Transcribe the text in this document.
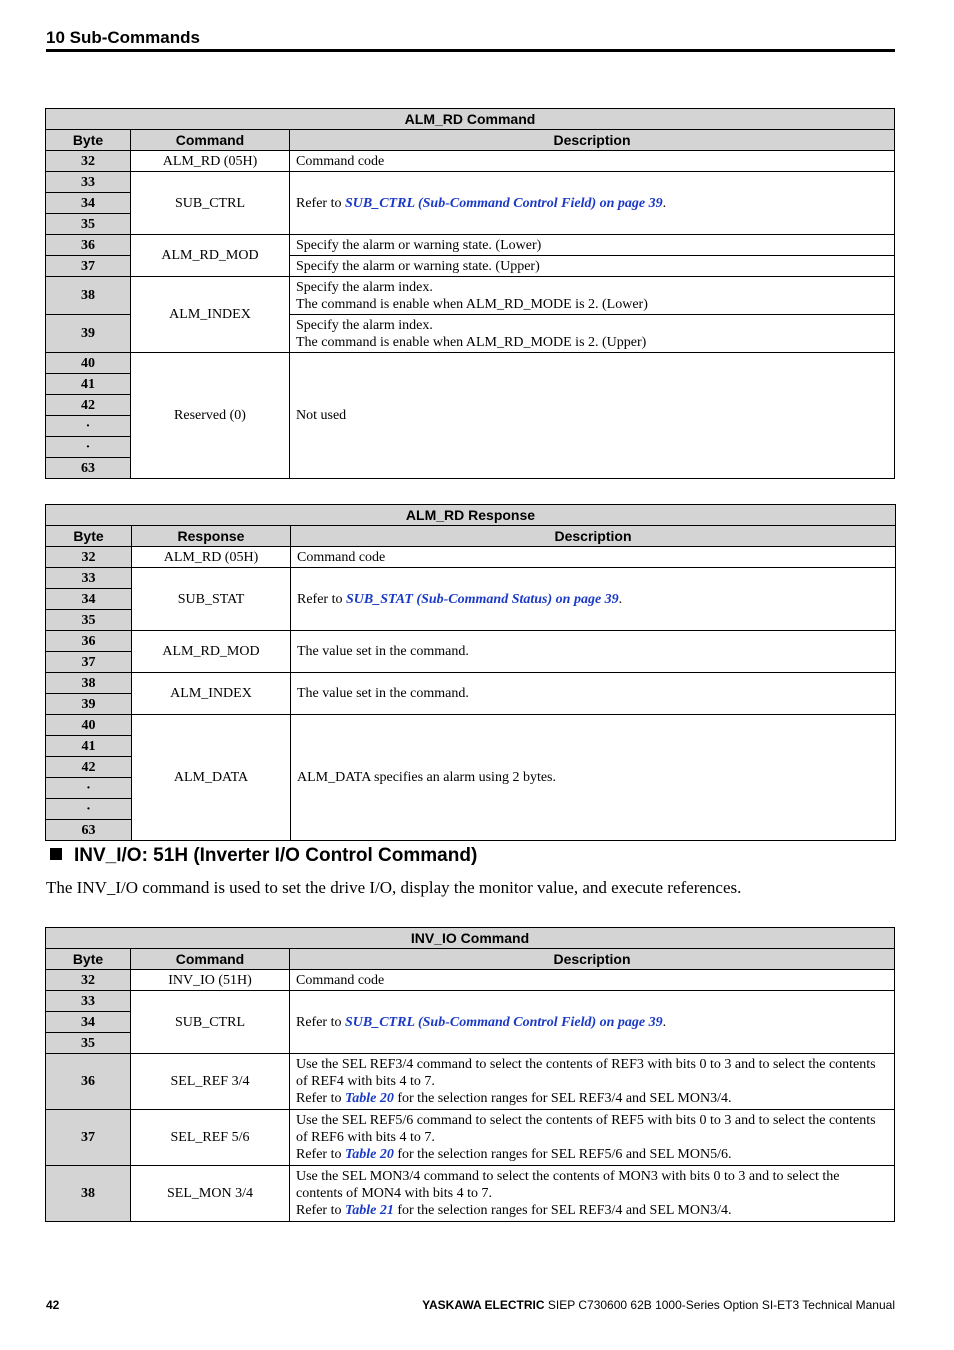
10 Sub-Commands
ALM_RD Command		
Byte	Command	Description
32	ALM_RD (05H)	Command code
33	SUB_CTRL	Refer to SUB_CTRL (Sub-Command Control Field) on page 39.
34		
35		
36	ALM_RD_MOD	Specify the alarm or warning state. (Lower)
37		Specify the alarm or warning state. (Upper)
38	ALM_INDEX	Specify the alarm index.
The command is enable when ALM_RD_MODE is 2. (Lower)

39		Specify the alarm index.
The command is enable when ALM_RD_MODE is 2. (Upper)

40	Reserved (0)	Not used
41		
42		
·		
·		
63		
ALM_RD Response		
Byte	Response	Description
32	ALM_RD (05H)	Command code
33	SUB_STAT	Refer to SUB_STAT (Sub-Command Status) on page 39.
34		
35		
36	ALM_RD_MOD	The value set in the command.
37		
38	ALM_INDEX	The value set in the command.
39		
40	ALM_DATA	ALM_DATA specifies an alarm using 2 bytes.
41		
42		
·		
·		
63		
INV_I/O: 51H (Inverter I/O Control Command)
The INV_I/O command is used to set the drive I/O, display the monitor value, and execute references.
INV_IO Command		
Byte	Command	Description
32	INV_IO (51H)	Command code
33	SUB_CTRL	Refer to SUB_CTRL (Sub-Command Control Field) on page 39.
34		
35		
36	SEL_REF 3/4	Use the SEL REF3/4 command to select the contents of REF3 with bits 0 to 3 and to select the contents
of REF4 with bits 4 to 7.
Refer to Table 20 for the selection ranges for SEL REF3/4 and SEL MON3/4.

37	SEL_REF 5/6	Use the SEL REF5/6 command to select the contents of REF5 with bits 0 to 3 and to select the contents
of REF6 with bits 4 to 7.
Refer to Table 20 for the selection ranges for SEL REF5/6 and SEL MON5/6.

38	SEL_MON 3/4	Use the SEL MON3/4 command to select the contents of MON3 with bits 0 to 3 and to select the
contents of MON4 with bits 4 to 7.
Refer to Table 21 for the selection ranges for SEL REF3/4 and SEL MON3/4.
42	YASKAWA ELECTRIC SIEP C730600 62B 1000-Series Option SI-ET3 Technical Manual
